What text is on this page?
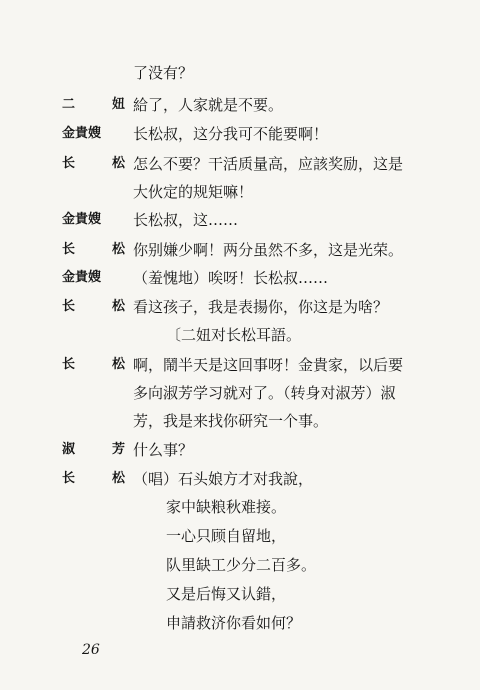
了没有？
二　妞
給了，人家就是不要。
金貴嫂 长松叔，这分我可不能要啊！
长　松
怎么不要？干活质量高，应該奖励，这是
大伙定的规矩嘛！
金貴嫂 长松叔，这……
长　松
你别嫌少啊！两分虽然不多，这是光荣。
金貴嫂 （羞愧地）唉呀！长松叔……
长　松
看这孩子，我是表揚你，你这是为啥？
〔二妞对长松耳語。
长　松
啊，鬧半天是这回事呀！金貴家，以后要
多向淑芳学习就对了。（转身对淑芳）淑
芳，我是来找你研究一个事。
淑　芳
什么事？
长　松
（唱）石头娘方才对我說，
家中缺粮秋难接。
一心只顾自留地，
队里缺工少分二百多。
又是后悔又认錯，
申請救济你看如何？
26
